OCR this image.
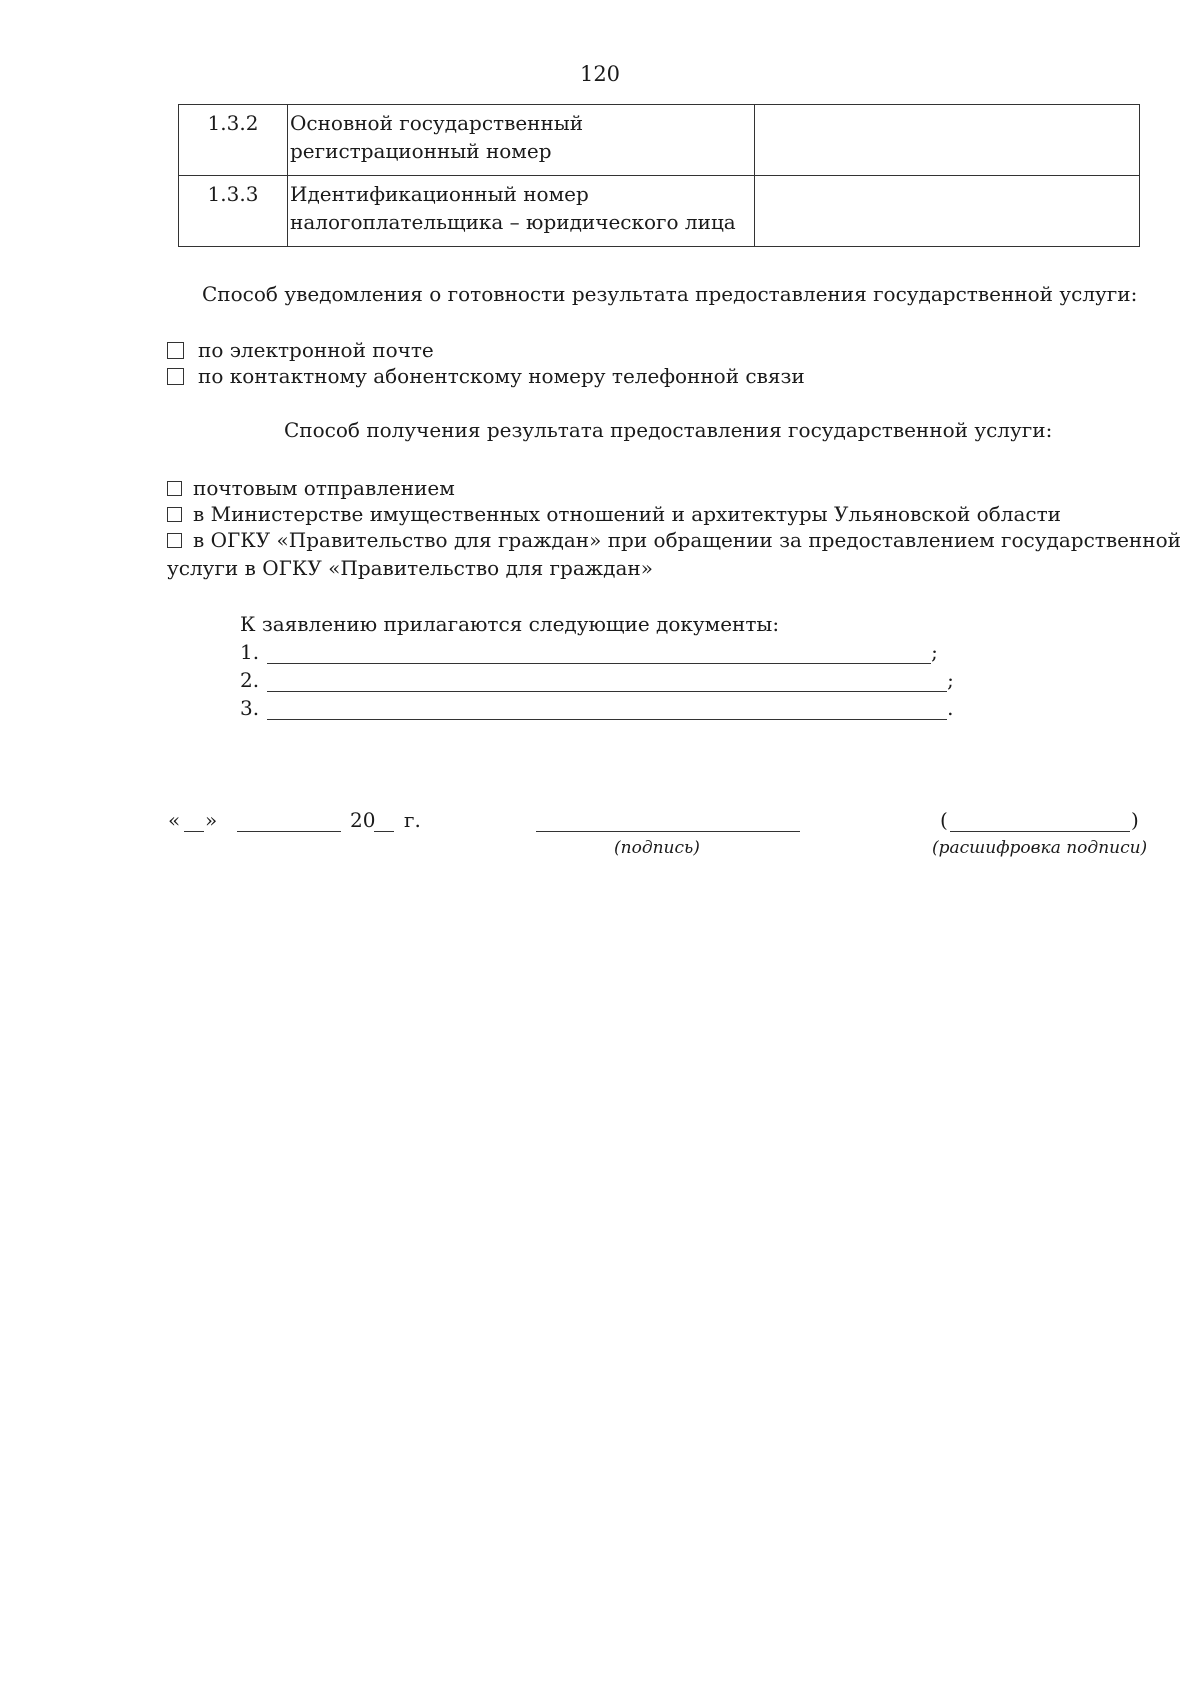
120
1.3.2	Основной государственный
регистрационный номер	

1.3.3	Идентификационный номер
налогоплательщика – юридического лица	

Способ уведомления о готовности результата предоставления государственной услуги:
по электронной почте
по контактному абонентскому номеру телефонной связи
Способ получения результата предоставления государственной услуги:
почтовым отправлением
в Министерстве имущественных отношений и архитектуры Ульяновской области
в ОГКУ «Правительство для граждан» при обращении за предоставлением государственной
услуги в ОГКУ «Правительство для граждан»
К заявлению прилагаются следующие документы:
1.	;
2.	;
3.	.
« »	20 г.
(подпись)
(	)
(расшифровка подписи)
